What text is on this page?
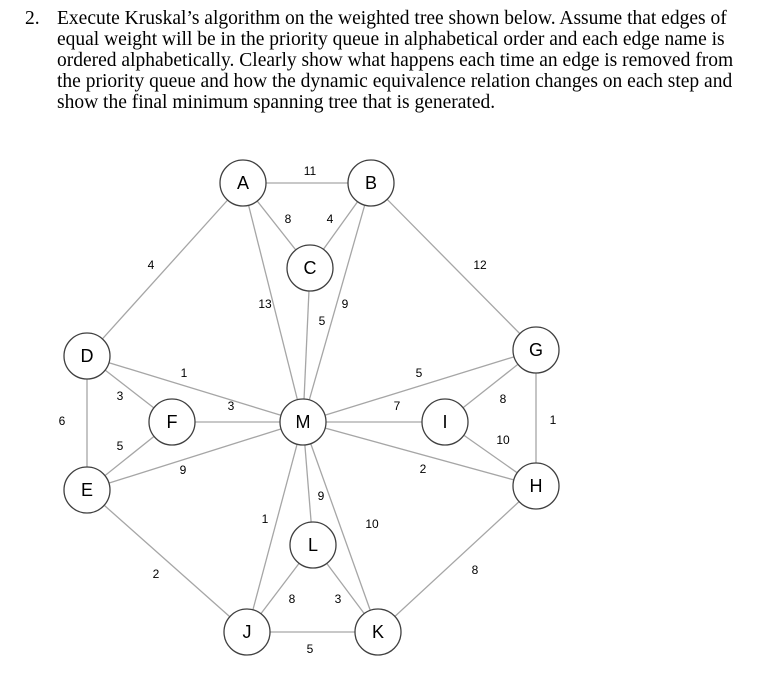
2. Execute Kruskal’s algorithm on the weighted tree shown below. Assume that edges of
equal weight will be in the priority queue in alphabetical order and each edge name is
ordered alphabetically. Clearly show what happens each time an edge is removed from
the priority queue and how the dynamic equivalence relation changes on each step and
show the final minimum spanning tree that is generated.
11
8	4
4
13
5
9
12
6
3
1
5
3
9
2
5
7	8
1
10
2
8
9
1	10
8	3
5
A	B
C
D
E
F
G
H
I
J	K
L
M
